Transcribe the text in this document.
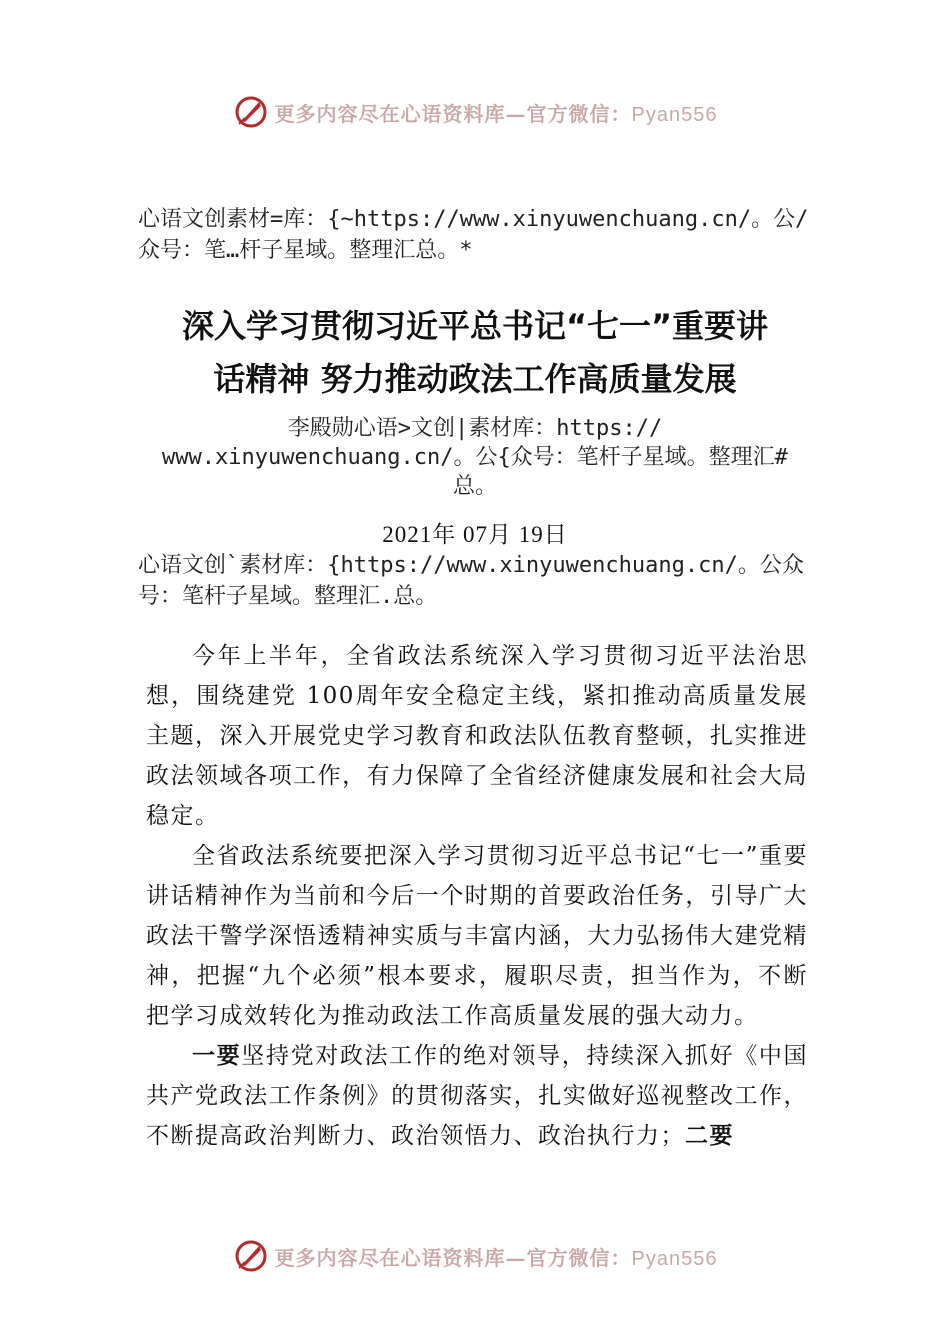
更多内容尽在心语资料库—官方微信：Pyan556
心语文创素材=库：{~https://www.xinyuwenchuang.cn/。公/众号：笔…杆子星域。整理汇总。*
深入学习贯彻习近平总书记“七一”重要讲
话精神 努力推动政法工作高质量发展
李殿勋心语>文创|素材库：https://
www.xinyuwenchuang.cn/。公{众号：笔杆子星域。整理汇#
总。
2021年 07月 19日
心语文创`素材库：{https://www.xinyuwenchuang.cn/。公众号：笔杆子星域。整理汇.总。

今年上半年，全省政法系统深入学习贯彻习近平法治思想，围绕建党 100周年安全稳定主线，紧扣推动高质量发展主题，深入开展党史学习教育和政法队伍教育整顿，扎实推进政法领域各项工作，有力保障了全省经济健康发展和社会大局稳定。

全省政法系统要把深入学习贯彻习近平总书记“七一”重要讲话精神作为当前和今后一个时期的首要政治任务，引导广大政法干警学深悟透精神实质与丰富内涵，大力弘扬伟大建党精神，把握“九个必须”根本要求，履职尽责，担当作为，不断把学习成效转化为推动政法工作高质量发展的强大动力。

一要坚持党对政法工作的绝对领导，持续深入抓好《中国共产党政法工作条例》的贯彻落实，扎实做好巡视整改工作，不断提高政治判断力、政治领悟力、政治执行力；二要

更多内容尽在心语资料库—官方微信：Pyan556
